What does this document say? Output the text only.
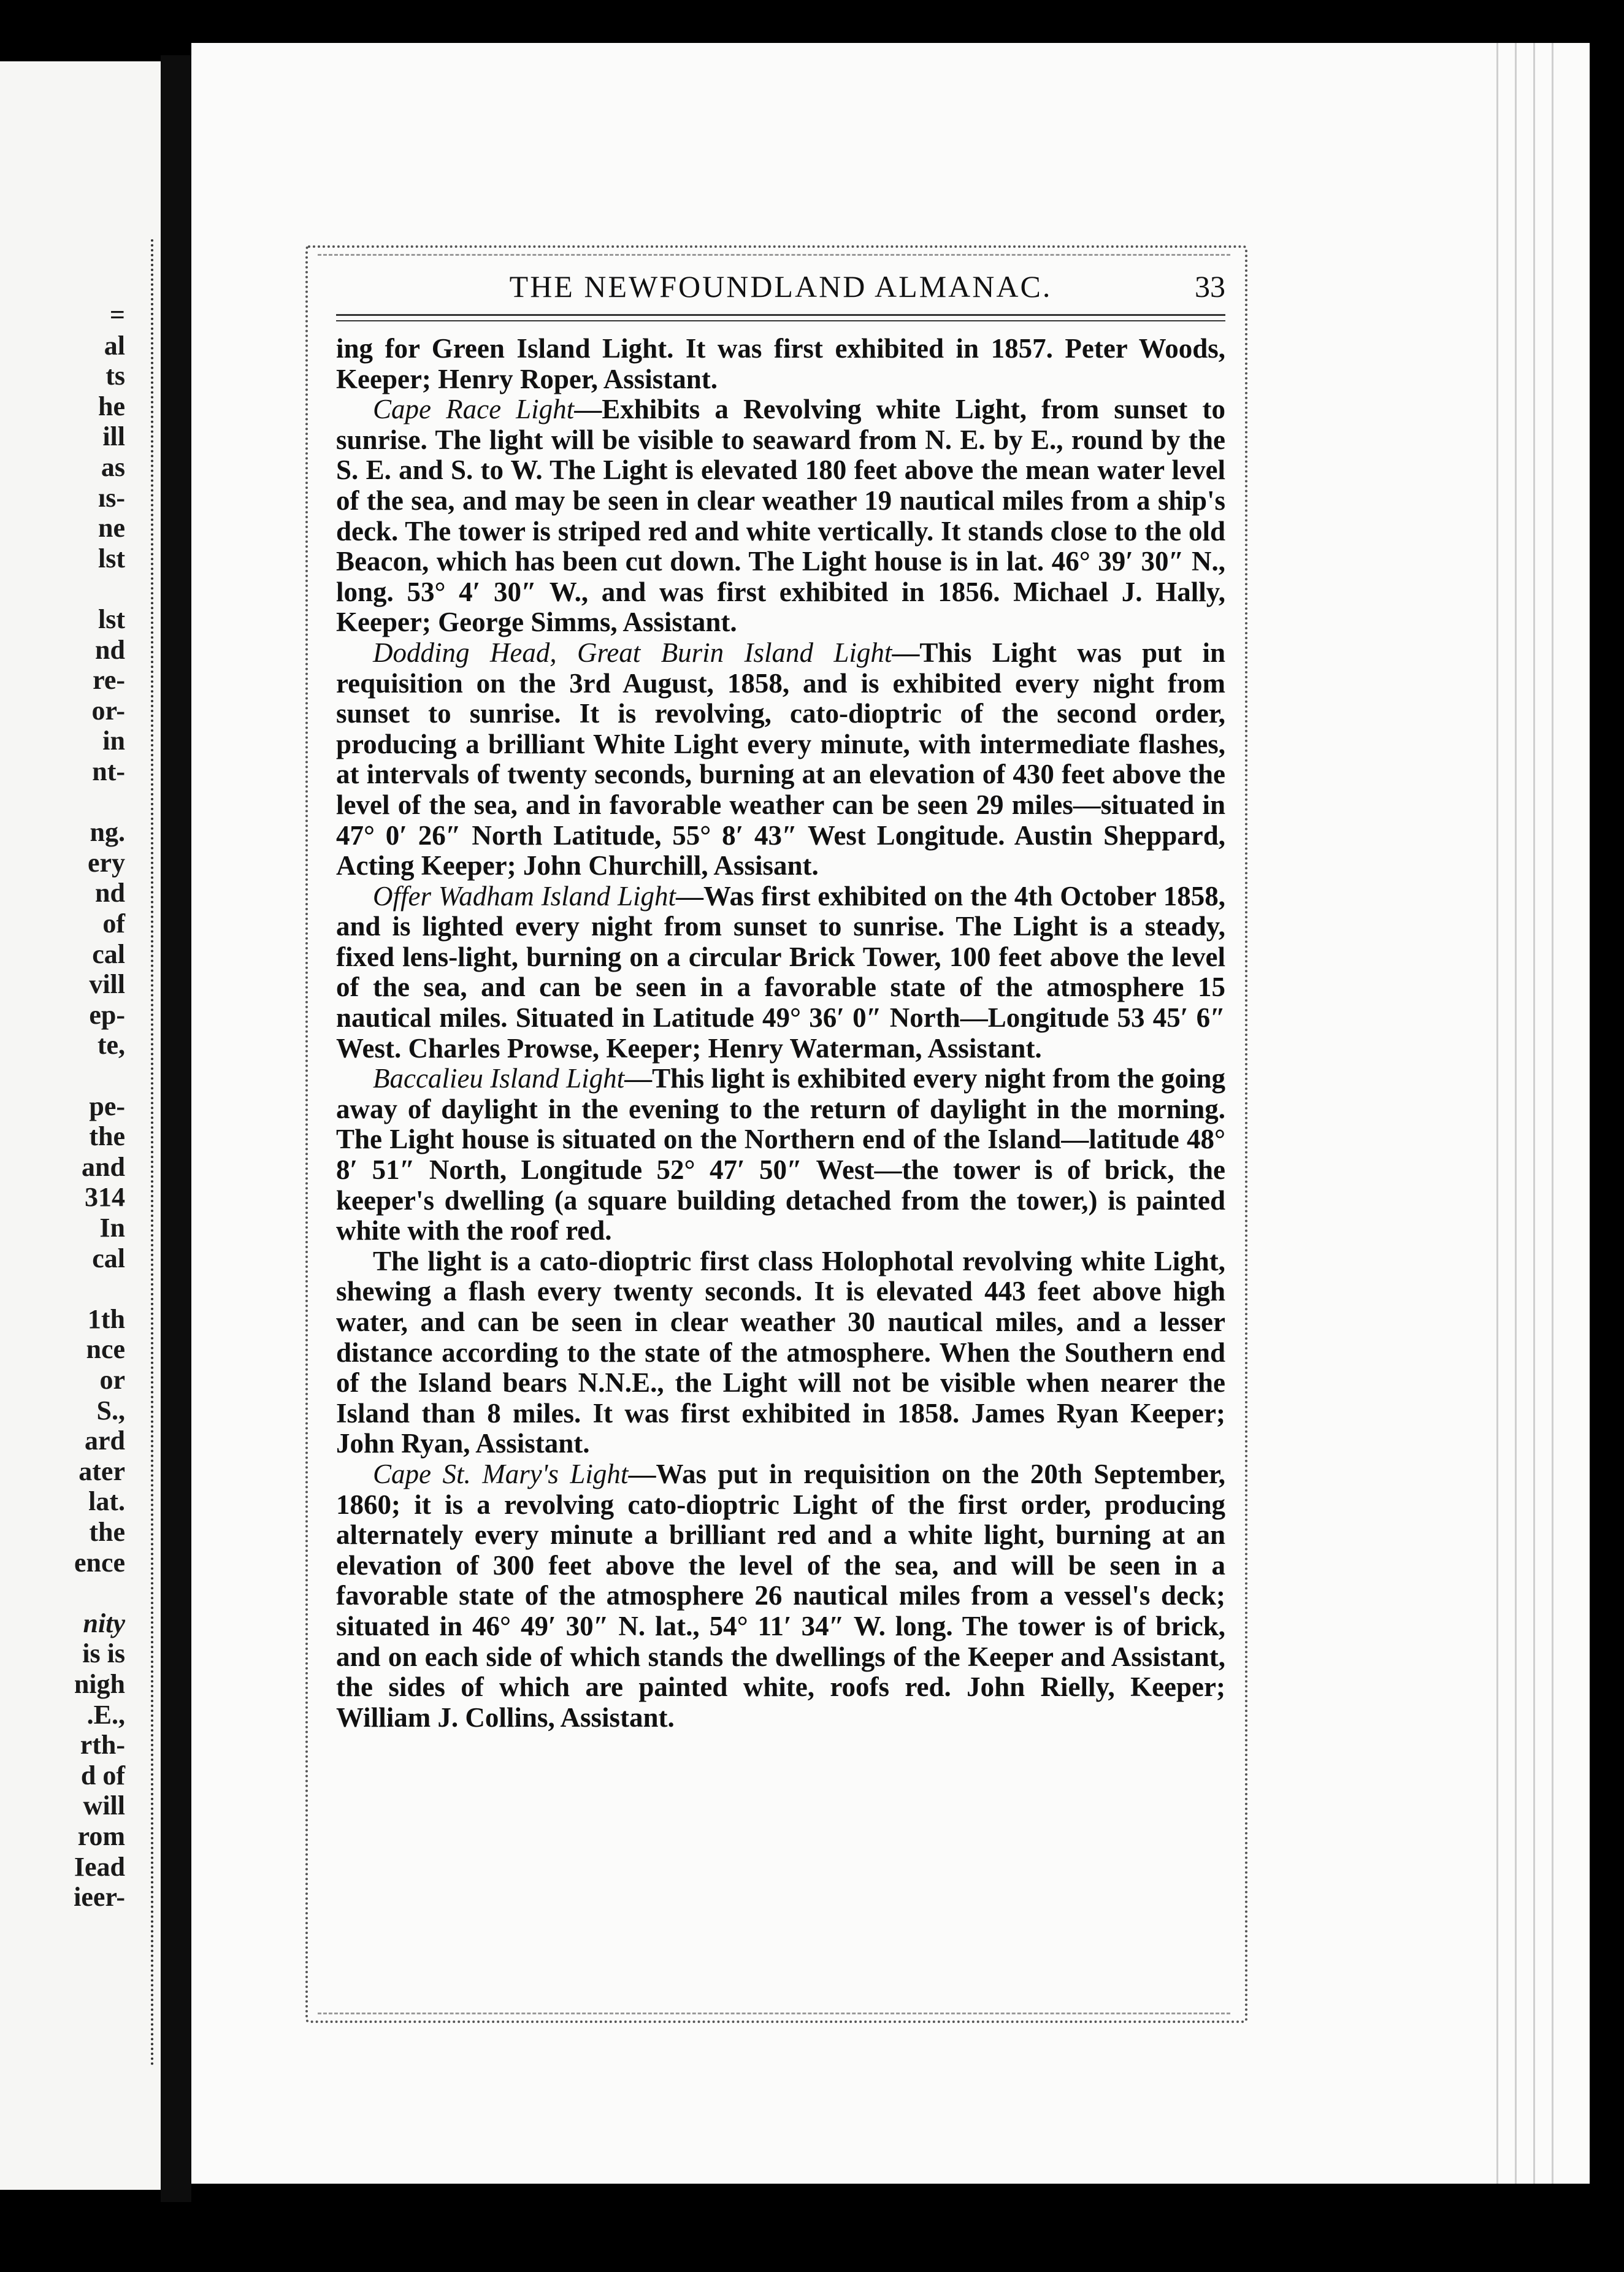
=
al
ts
he
ill
as
ıs-
ne
lst
lst
nd
re-
or-
in
nt-
ng.
ery
nd
of
cal
vill
ep-
te,
pe-
the
and
314
In
cal
1th
nce
or
S.,
ard
ater
lat.
the
ence
nity
is is
nigh
.E.,
rth-
d of
will
rom
Iead
ieer-
THE NEWFOUNDLAND ALMANAC.	33

ing for Green Island Light. It was first exhibited in 1857. Peter Woods, Keeper; Henry Roper, Assistant.

Cape Race Light—Exhibits a Revolving white Light, from sunset to sunrise. The light will be visible to seaward from N. E. by E., round by the S. E. and S. to W. The Light is elevated 180 feet above the mean water level of the sea, and may be seen in clear weather 19 nautical miles from a ship's deck. The tower is striped red and white vertically. It stands close to the old Beacon, which has been cut down. The Light house is in lat. 46° 39′ 30″ N., long. 53° 4′ 30″ W., and was first exhibited in 1856. Michael J. Hally, Keeper; George Simms, Assistant.

Dodding Head, Great Burin Island Light—This Light was put in requisition on the 3rd August, 1858, and is exhibited every night from sunset to sunrise. It is revolving, cato-dioptric of the second order, producing a brilliant White Light every minute, with intermediate flashes, at intervals of twenty seconds, burning at an elevation of 430 feet above the level of the sea, and in favorable weather can be seen 29 miles—situated in 47° 0′ 26″ North Latitude, 55° 8′ 43″ West Longitude. Austin Sheppard, Acting Keeper; John Churchill, Assisant.

Offer Wadham Island Light—Was first exhibited on the 4th October 1858, and is lighted every night from sunset to sunrise. The Light is a steady, fixed lens-light, burning on a circular Brick Tower, 100 feet above the level of the sea, and can be seen in a favorable state of the atmosphere 15 nautical miles. Situated in Latitude 49° 36′ 0″ North—Longitude 53 45′ 6″ West. Charles Prowse, Keeper; Henry Waterman, Assistant.

Baccalieu Island Light—This light is exhibited every night from the going away of daylight in the evening to the return of daylight in the morning. The Light house is situated on the Northern end of the Island—latitude 48° 8′ 51″ North, Longitude 52° 47′ 50″ West—the tower is of brick, the keeper's dwelling (a square building detached from the tower,) is painted white with the roof red.

The light is a cato-dioptric first class Holophotal revolving white Light, shewing a flash every twenty seconds. It is elevated 443 feet above high water, and can be seen in clear weather 30 nautical miles, and a lesser distance according to the state of the atmosphere. When the Southern end of the Island bears N.N.E., the Light will not be visible when nearer the Island than 8 miles. It was first exhibited in 1858. James Ryan Keeper; John Ryan, Assistant.

Cape St. Mary's Light—Was put in requisition on the 20th September, 1860; it is a revolving cato-dioptric Light of the first order, producing alternately every minute a brilliant red and a white light, burning at an elevation of 300 feet above the level of the sea, and will be seen in a favorable state of the atmosphere 26 nautical miles from a vessel's deck; situated in 46° 49′ 30″ N. lat., 54° 11′ 34″ W. long. The tower is of brick, and on each side of which stands the dwellings of the Keeper and Assistant, the sides of which are painted white, roofs red. John Rielly, Keeper; William J. Collins, Assistant.
